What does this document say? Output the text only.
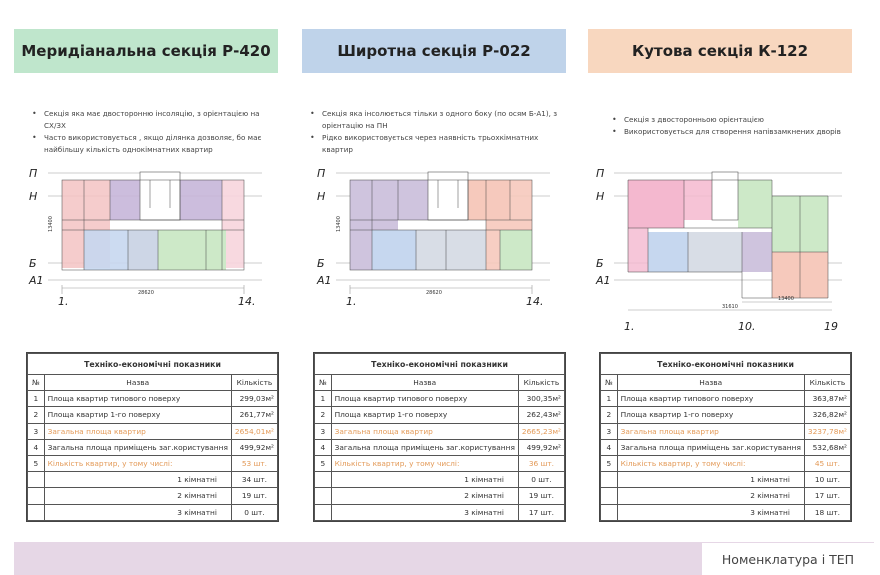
Меридіанальна секція Р-420	Широтна секція Р-022	Кутова секція К-122
• Секція яка має двосторонню інсоляцію, з орієнтацією на СХ/ЗХ
• Часто використовується , якщо ділянка дозволяє, бо має найбільшу кількість однокімнатних квартир
• Секція яка інсолюється тільки з одного боку (по осям Б-А1), з орієнтацію на ПН
• Рідко використовується через наявність трьохкімнатних квартир
• Секція з двосторонньою орієнтацією
• Використовується для створення напівзамкнених дворів
П
Н
Б
А1
1.	14.
28620
13400
П
Н
Б
А1
1.	14.
28620
13400
П
Н
Б
А1
1.	10.	19
31610
13400
Техніко-економічні показники		
№	Назва	Кількість
1	Площа квартир типового поверху	299,03м²
2	Площа квартир 1-го поверху	261,77м²
3	Загальна площа квартир	2654,01м²
4	Загальна площа приміщень заг.користування	499,92м²
5	Кількість квартир, у тому числі:	53 шт.
	1 кімнатні	34 шт.
	2 кімнатні	19 шт.
	3 кімнатні	0 шт.
Техніко-економічні показники		
№	Назва	Кількість
1	Площа квартир типового поверху	300,35м²
2	Площа квартир 1-го поверху	262,43м²
3	Загальна площа квартир	2665,23м²
4	Загальна площа приміщень заг.користування	499,92м²
5	Кількість квартир, у тому числі:	36 шт.
	1 кімнатні	0 шт.
	2 кімнатні	19 шт.
	3 кімнатні	17 шт.
Техніко-економічні показники		
№	Назва	Кількість
1	Площа квартир типового поверху	363,87м²
2	Площа квартир 1-го поверху	326,82м²
3	Загальна площа квартир	3237,78м²
4	Загальна площа приміщень заг.користування	532,68м²
5	Кількість квартир, у тому числі:	45 шт.
	1 кімнатні	10 шт.
	2 кімнатні	17 шт.
	3 кімнатні	18 шт.
Номенклатура і ТЕП
